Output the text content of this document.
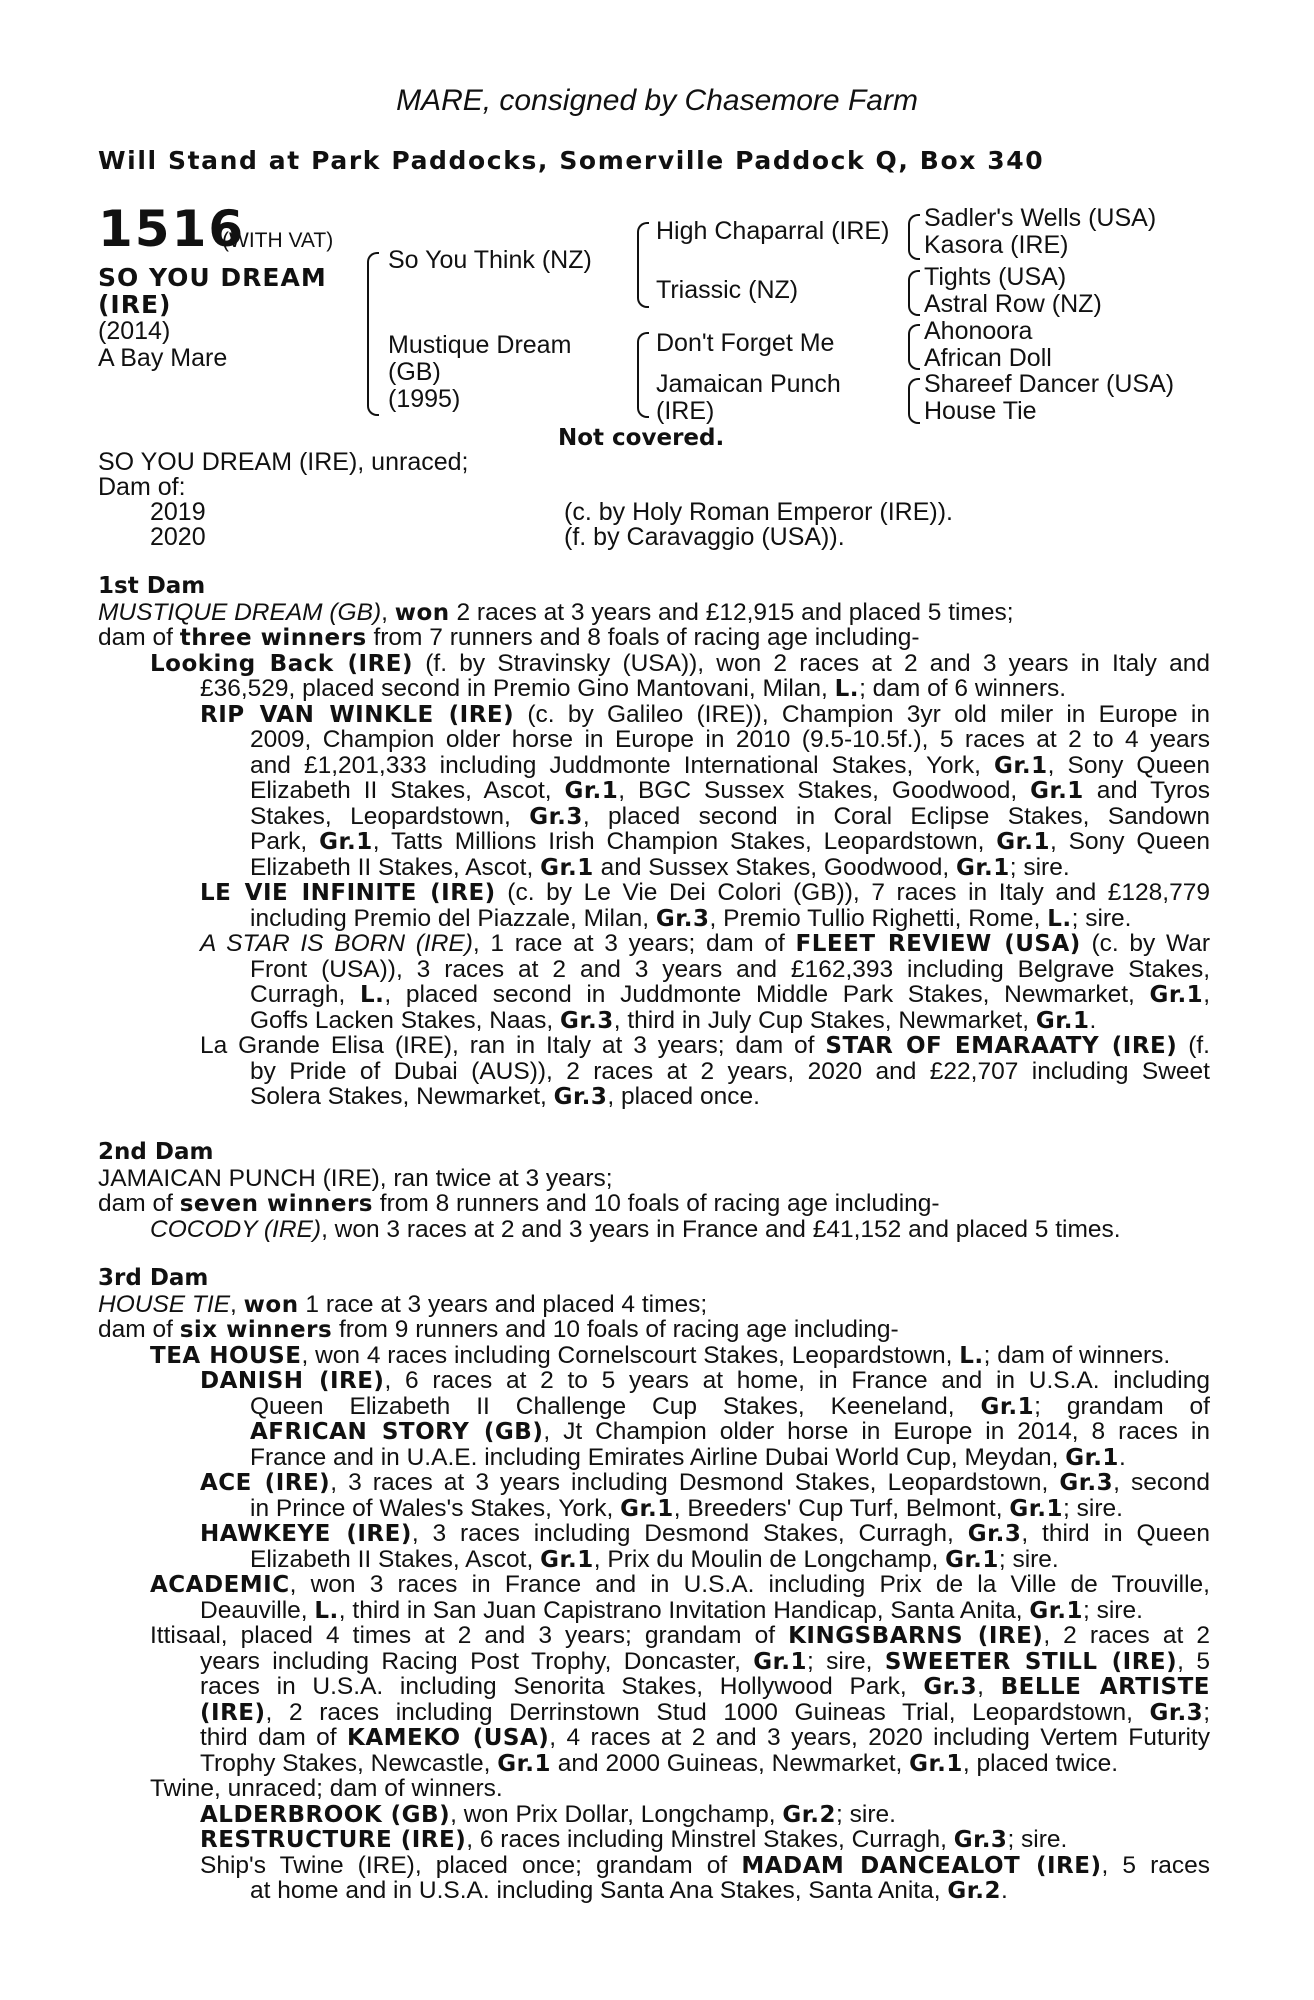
MARE, consigned by Chasemore Farm
Will Stand at Park Paddocks, Somerville Paddock Q, Box 340
1516
(WITH VAT)
SO YOU DREAM
(IRE)
(2014)
A Bay Mare
So You Think (NZ)
Mustique Dream
(GB)
(1995)
High Chaparral (IRE)
Triassic (NZ)
Don't Forget Me
Jamaican Punch
(IRE)
Sadler's Wells (USA)
Kasora (IRE)
Tights (USA)
Astral Row (NZ)
Ahonoora
African Doll
Shareef Dancer (USA)
House Tie
Not covered.
SO YOU DREAM (IRE), unraced;
Dam of:
2019	(c. by Holy Roman Emperor (IRE)).
2020	(f. by Caravaggio (USA)).
1st Dam
MUSTIQUE DREAM (GB), won 2 races at 3 years and £12,915 and placed 5 times;
dam of three winners from 7 runners and 8 foals of racing age including-
Looking Back (IRE) (f. by Stravinsky (USA)), won 2 races at 2 and 3 years in Italy and
£36,529, placed second in Premio Gino Mantovani, Milan, L.; dam of 6 winners.
RIP VAN WINKLE (IRE) (c. by Galileo (IRE)), Champion 3yr old miler in Europe in
2009, Champion older horse in Europe in 2010 (9.5-10.5f.), 5 races at 2 to 4 years
and £1,201,333 including Juddmonte International Stakes, York, Gr.1, Sony Queen
Elizabeth II Stakes, Ascot, Gr.1, BGC Sussex Stakes, Goodwood, Gr.1 and Tyros
Stakes, Leopardstown, Gr.3, placed second in Coral Eclipse Stakes, Sandown
Park, Gr.1, Tatts Millions Irish Champion Stakes, Leopardstown, Gr.1, Sony Queen
Elizabeth II Stakes, Ascot, Gr.1 and Sussex Stakes, Goodwood, Gr.1; sire.
LE VIE INFINITE (IRE) (c. by Le Vie Dei Colori (GB)), 7 races in Italy and £128,779
including Premio del Piazzale, Milan, Gr.3, Premio Tullio Righetti, Rome, L.; sire.
A STAR IS BORN (IRE), 1 race at 3 years; dam of FLEET REVIEW (USA) (c. by War
Front (USA)), 3 races at 2 and 3 years and £162,393 including Belgrave Stakes,
Curragh, L., placed second in Juddmonte Middle Park Stakes, Newmarket, Gr.1,
Goffs Lacken Stakes, Naas, Gr.3, third in July Cup Stakes, Newmarket, Gr.1.
La Grande Elisa (IRE), ran in Italy at 3 years; dam of STAR OF EMARAATY (IRE) (f.
by Pride of Dubai (AUS)), 2 races at 2 years, 2020 and £22,707 including Sweet
Solera Stakes, Newmarket, Gr.3, placed once.
2nd Dam
JAMAICAN PUNCH (IRE), ran twice at 3 years;
dam of seven winners from 8 runners and 10 foals of racing age including-
COCODY (IRE), won 3 races at 2 and 3 years in France and £41,152 and placed 5 times.
3rd Dam
HOUSE TIE, won 1 race at 3 years and placed 4 times;
dam of six winners from 9 runners and 10 foals of racing age including-
TEA HOUSE, won 4 races including Cornelscourt Stakes, Leopardstown, L.; dam of winners.
DANISH (IRE), 6 races at 2 to 5 years at home, in France and in U.S.A. including
Queen Elizabeth II Challenge Cup Stakes, Keeneland, Gr.1; grandam of
AFRICAN STORY (GB), Jt Champion older horse in Europe in 2014, 8 races in
France and in U.A.E. including Emirates Airline Dubai World Cup, Meydan, Gr.1.
ACE (IRE), 3 races at 3 years including Desmond Stakes, Leopardstown, Gr.3, second
in Prince of Wales's Stakes, York, Gr.1, Breeders' Cup Turf, Belmont, Gr.1; sire.
HAWKEYE (IRE), 3 races including Desmond Stakes, Curragh, Gr.3, third in Queen
Elizabeth II Stakes, Ascot, Gr.1, Prix du Moulin de Longchamp, Gr.1; sire.
ACADEMIC, won 3 races in France and in U.S.A. including Prix de la Ville de Trouville,
Deauville, L., third in San Juan Capistrano Invitation Handicap, Santa Anita, Gr.1; sire.
Ittisaal, placed 4 times at 2 and 3 years; grandam of KINGSBARNS (IRE), 2 races at 2
years including Racing Post Trophy, Doncaster, Gr.1; sire, SWEETER STILL (IRE), 5
races in U.S.A. including Senorita Stakes, Hollywood Park, Gr.3, BELLE ARTISTE
(IRE), 2 races including Derrinstown Stud 1000 Guineas Trial, Leopardstown, Gr.3;
third dam of KAMEKO (USA), 4 races at 2 and 3 years, 2020 including Vertem Futurity
Trophy Stakes, Newcastle, Gr.1 and 2000 Guineas, Newmarket, Gr.1, placed twice.
Twine, unraced; dam of winners.
ALDERBROOK (GB), won Prix Dollar, Longchamp, Gr.2; sire.
RESTRUCTURE (IRE), 6 races including Minstrel Stakes, Curragh, Gr.3; sire.
Ship's Twine (IRE), placed once; grandam of MADAM DANCEALOT (IRE), 5 races
at home and in U.S.A. including Santa Ana Stakes, Santa Anita, Gr.2.
